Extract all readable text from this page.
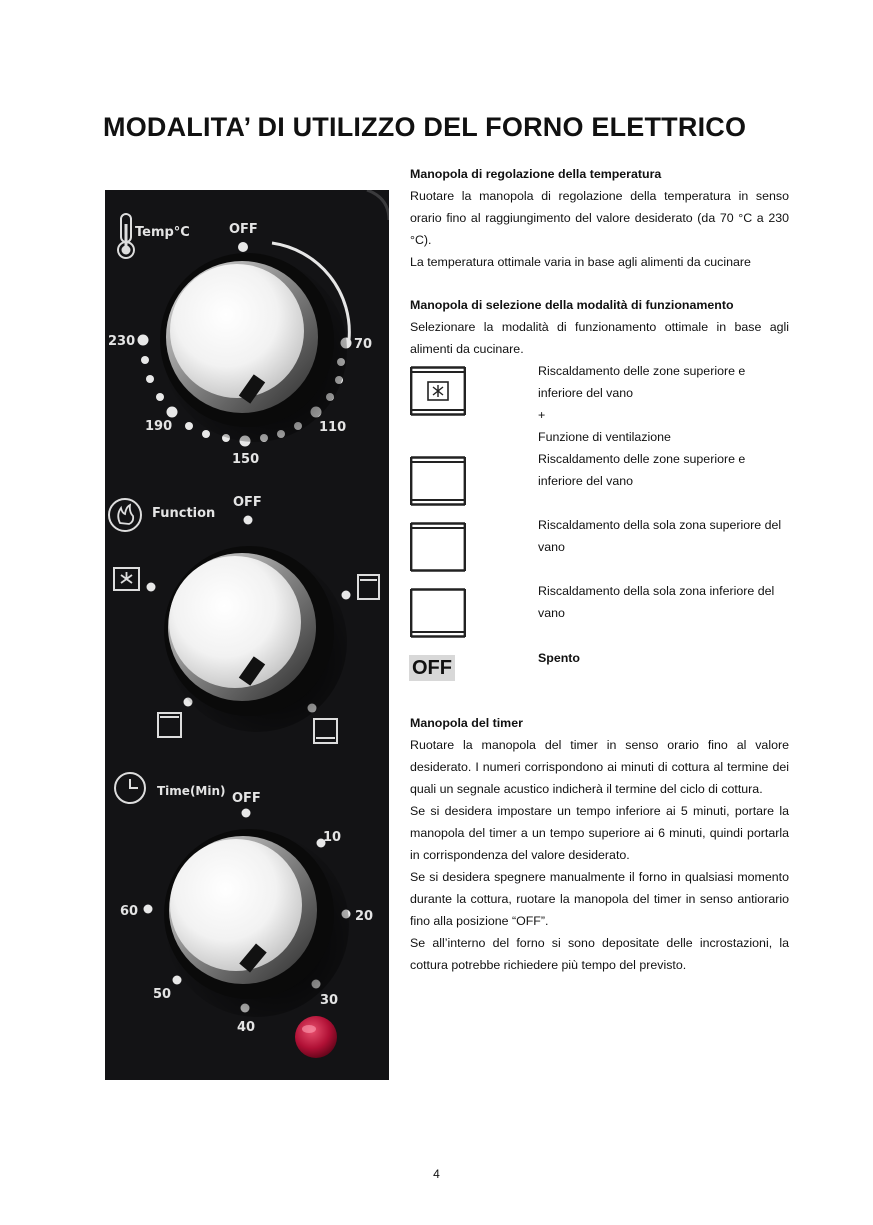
MODALITA’ DI UTILIZZO DEL FORNO ELETTRICO
Temp°C	OFF
70
110
150
190
230
Function
OFF
Time(Min) OFF
10
20
30
40
50
60
Manopola di regolazione della temperatura

Ruotare la manopola di regolazione della temperatura in senso orario fino al raggiungimento del valore desiderato (da 70 °C a 230 °C).

La temperatura ottimale varia in base agli alimenti da cucinare

Manopola di selezione della modalità di funzionamento

Selezionare la modalità di funzionamento ottimale in base agli alimenti da cucinare.

Riscaldamento delle zone superiore e
inferiore del vano
+
Funzione di ventilazione
Riscaldamento delle zone superiore e
inferiore del vano
Riscaldamento della sola zona superiore del
vano
Riscaldamento della sola zona inferiore del
vano
OFF	Spento
Manopola del timer

Ruotare la manopola del timer in senso orario fino al valore desiderato. I numeri corrispondono ai minuti di cottura al termine dei quali un segnale acustico indicherà il termine del ciclo di cottura.

Se si desidera impostare un tempo inferiore ai 5 minuti, portare la manopola del timer a un tempo superiore ai 6 minuti, quindi portarla in corrispondenza del valore desiderato.

Se si desidera spegnere manualmente il forno in qualsiasi momento durante la cottura, ruotare la manopola del timer in senso antiorario fino alla posizione “OFF”.

Se all’interno del forno si sono depositate delle incrostazioni, la cottura potrebbe richiedere più tempo del previsto.

4
